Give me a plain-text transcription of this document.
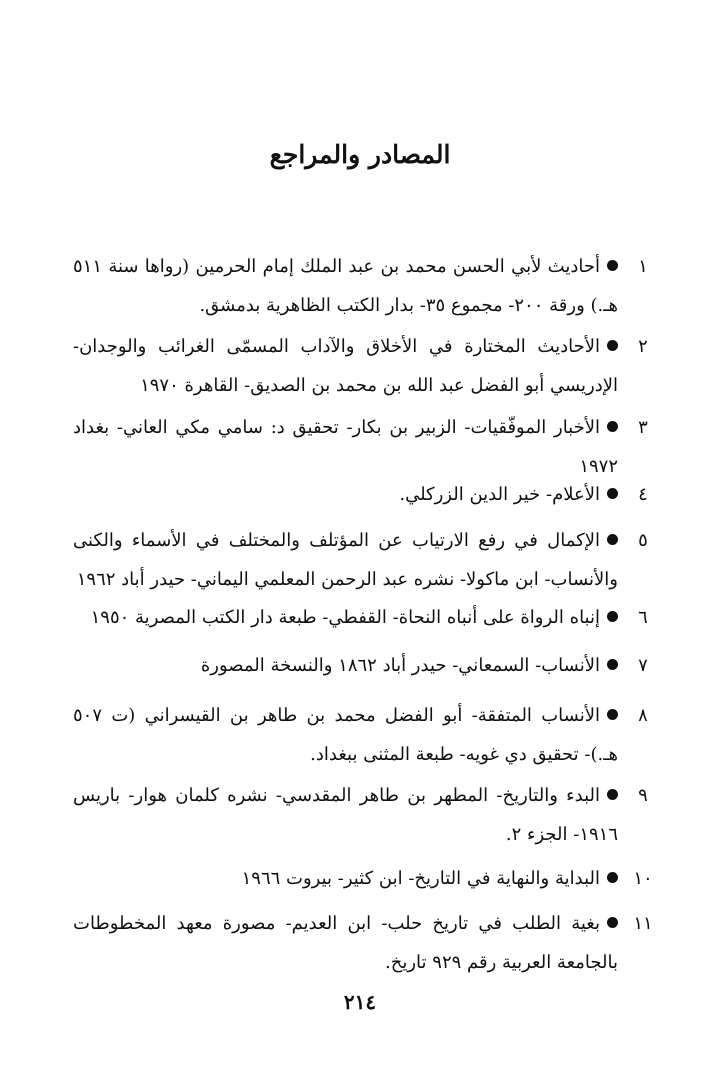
المصادر والمراجع
١
أحاديث لأبي الحسن محمد بن عبد الملك إمام الحرمين (رواها سنة ٥١١ هـ.) ورقة ٢٠٠- مجموع ٣٥- بدار الكتب الظاهرية بدمشق.
٢
الأحاديث المختارة في الأخلاق والآداب المسمّى الغرائب والوجدان- الإدريسي أبو الفضل عبد الله بن محمد بن الصديق- القاهرة ١٩٧٠
٣
الأخبار الموفّقيات- الزبير بن بكار- تحقيق د: سامي مكي العاني- بغداد ١٩٧٢
٤
الأعلام- خير الدين الزركلي.
٥
الإكمال في رفع الارتياب عن المؤتلف والمختلف في الأسماء والكنى والأنساب- ابن ماكولا- نشره عبد الرحمن المعلمي اليماني- حيدر أباد ١٩٦٢
٦
إنباه الرواة على أنباه النحاة- القفطي- طبعة دار الكتب المصرية ١٩٥٠
٧
الأنساب- السمعاني- حيدر أباد ١٨٦٢ والنسخة المصورة
٨
الأنساب المتفقة- أبو الفضل محمد بن طاهر بن القيسراني (ت ٥٠٧ هـ.)- تحقيق دي غويه- طبعة المثنى ببغداد.
٩
البدء والتاريخ- المطهر بن طاهر المقدسي- نشره كلمان هوار- باريس ١٩١٦- الجزء ٢.
١٠
البداية والنهاية في التاريخ- ابن كثير- بيروت ١٩٦٦
١١
بغية الطلب في تاريخ حلب- ابن العديم- مصورة معهد المخطوطات بالجامعة العربية رقم ٩٢٩ تاريخ.
٢١٤
